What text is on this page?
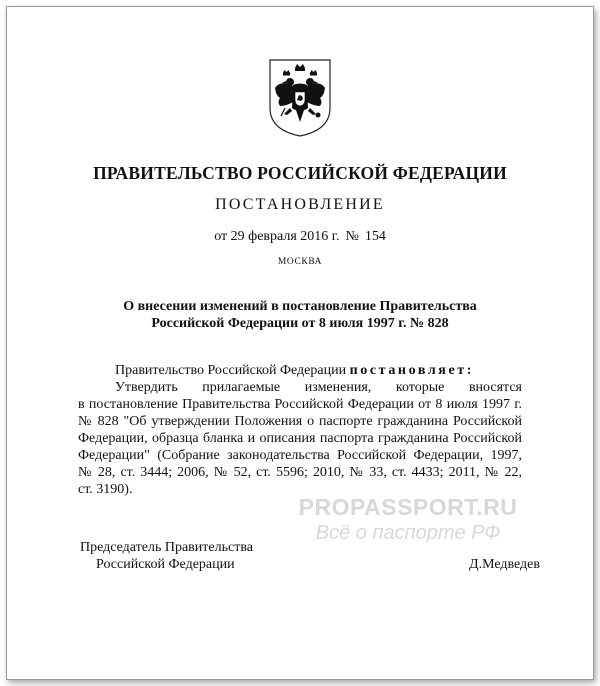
ПРАВИТЕЛЬСТВО РОССИЙСКОЙ ФЕДЕРАЦИИ
ПОСТАНОВЛЕНИЕ
от 29 февраля 2016 г. № 154
МОСКВА
О внесении изменений в постановление Правительства
Российской Федерации от 8 июля 1997 г. № 828
Правительство Российской Федерации постановляет:
Утвердить прилагаемые изменения, которые вносятся
в постановление Правительства Российской Федерации от 8 июля 1997 г.
№ 828 "Об утверждении Положения о паспорте гражданина Российской
Федерации, образца бланка и описания паспорта гражданина Российской
Федерации" (Собрание законодательства Российской Федерации, 1997,
№ 28, ст. 3444; 2006, № 52, ст. 5596; 2010, № 33, ст. 4433; 2011, № 22,
ст. 3190).
PROPASSPORT.RU
Всё о паспорте РФ
Председатель Правительства
Российской Федерации	Д.Медведев
